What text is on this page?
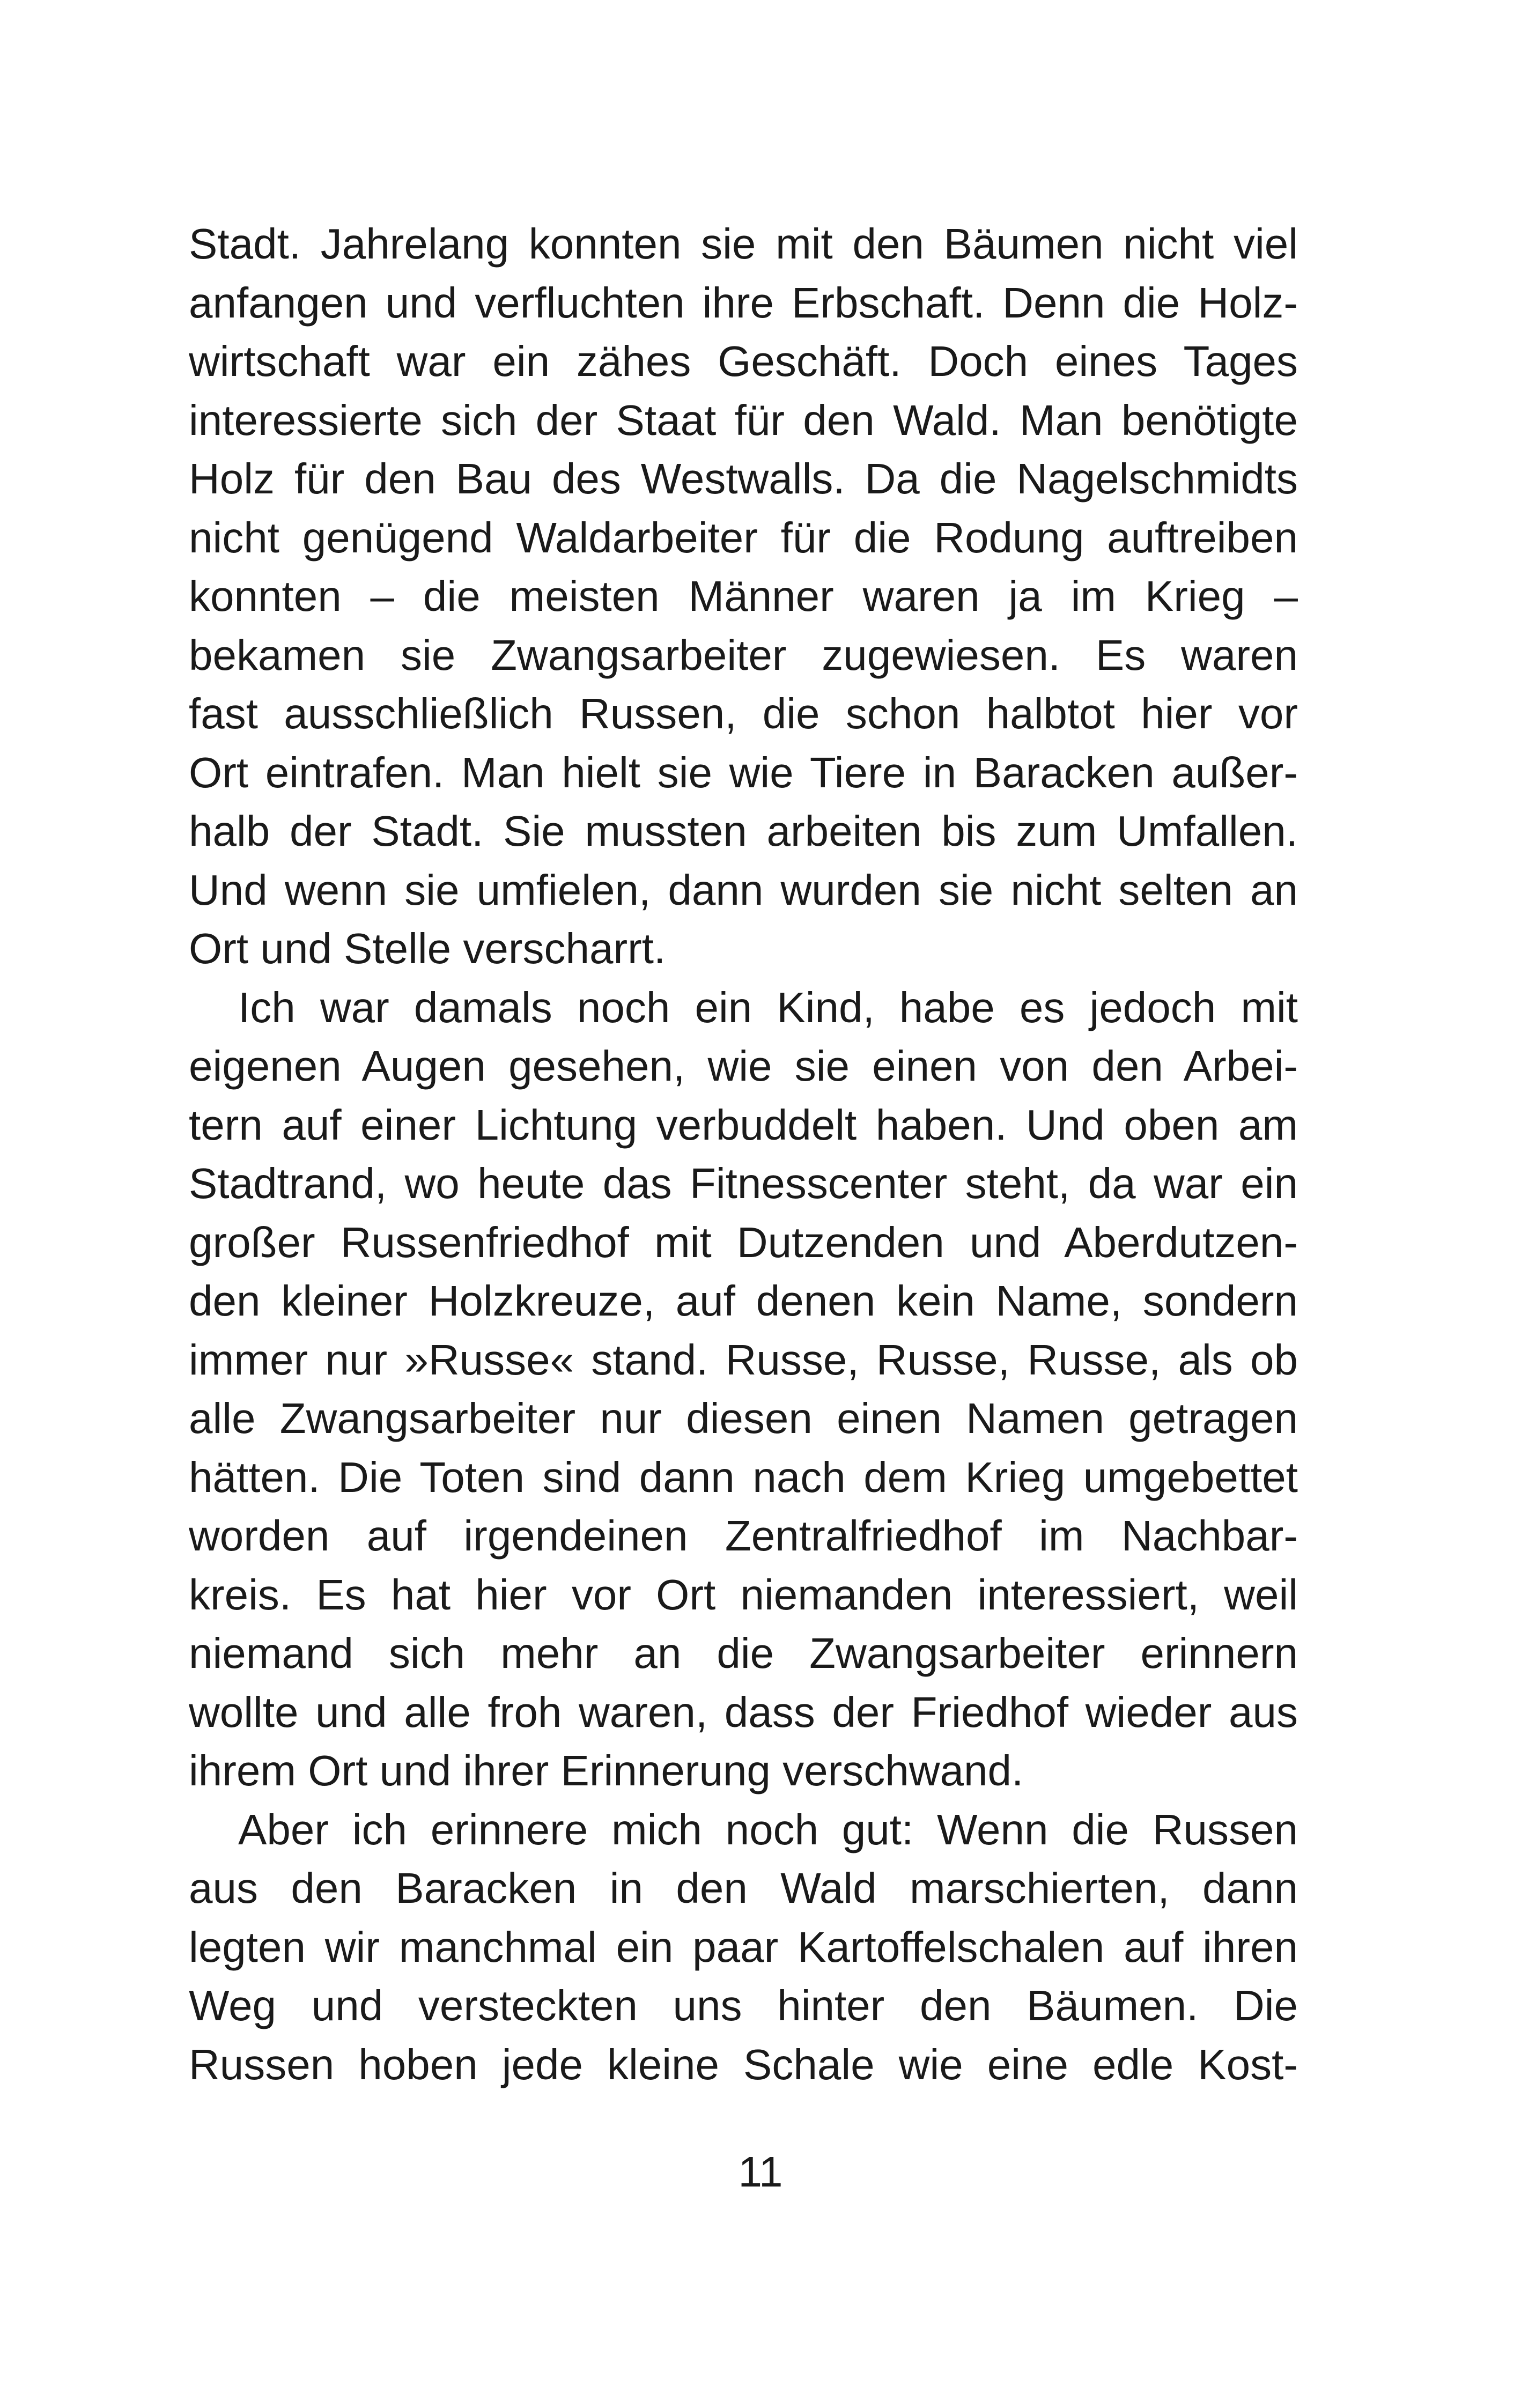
Stadt. Jahrelang konnten sie mit den Bäumen nicht viel
anfangen und verfluchten ihre Erbschaft. Denn die Holz-
wirtschaft war ein zähes Geschäft. Doch eines Tages
interessierte sich der Staat für den Wald. Man benötigte
Holz für den Bau des Westwalls. Da die Nagelschmidts
nicht genügend Waldarbeiter für die Rodung auftreiben
konnten – die meisten Männer waren ja im Krieg –
bekamen sie Zwangsarbeiter zugewiesen. Es waren
fast ausschließlich Russen, die schon halbtot hier vor
Ort eintrafen. Man hielt sie wie Tiere in Baracken außer-
halb der Stadt. Sie mussten arbeiten bis zum Umfallen.
Und wenn sie umfielen, dann wurden sie nicht selten an
Ort und Stelle verscharrt.
Ich war damals noch ein Kind, habe es jedoch mit
eigenen Augen gesehen, wie sie einen von den Arbei-
tern auf einer Lichtung verbuddelt haben. Und oben am
Stadtrand, wo heute das Fitnesscenter steht, da war ein
großer Russenfriedhof mit Dutzenden und Aberdutzen-
den kleiner Holzkreuze, auf denen kein Name, sondern
immer nur »Russe« stand. Russe, Russe, Russe, als ob
alle Zwangsarbeiter nur diesen einen Namen getragen
hätten. Die Toten sind dann nach dem Krieg umgebettet
worden auf irgendeinen Zentralfriedhof im Nachbar-
kreis. Es hat hier vor Ort niemanden interessiert, weil
niemand sich mehr an die Zwangsarbeiter erinnern
wollte und alle froh waren, dass der Friedhof wieder aus
ihrem Ort und ihrer Erinnerung verschwand.
Aber ich erinnere mich noch gut: Wenn die Russen
aus den Baracken in den Wald marschierten, dann
legten wir manchmal ein paar Kartoffelschalen auf ihren
Weg und versteckten uns hinter den Bäumen. Die
Russen hoben jede kleine Schale wie eine edle Kost-
11
